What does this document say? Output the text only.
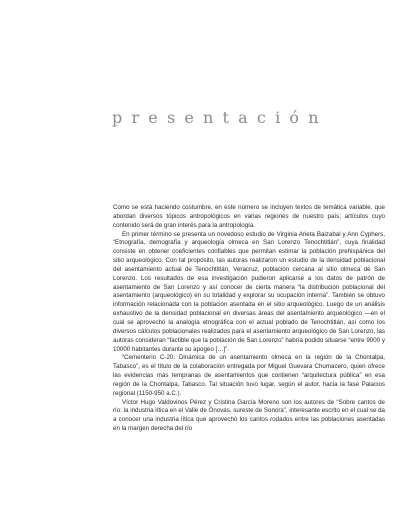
presentación

Como se está haciendo costumbre, en este número se incluyen textos de temática variable, que abordan diversos tópicos antropológicos en varias regiones de nuestro país; artículos cuyo contenido será de gran interés para la antropología.

En primer término se presenta un novedoso estudio de Virginia Arieta Baizabal y Ann Cyphers, “Etnografía, demografía y arqueología olmeca en San Lorenzo Tenochtitlán”, cuya finalidad consiste en obtener coeficientes confiables que permitan estimar la población prehispánica del sitio arqueológico. Con tal propósito, las autoras realizaron un estudio de la densidad poblacional del asentamiento actual de Tenochtitlán, Veracruz, población cercana al sitio olmeca de San Lorenzo. Los resultados de esa investigación pudieron aplicarse a los datos de patrón de asentamiento de San Lorenzo y así conocer de cierta manera “la distribución poblacional del asentamiento (arqueológico) en su totalidad y explorar su ocupación interna”. También se obtuvo información relacionada con la población asentada en el sitio arqueológico. Luego de un análisis exhaustivo de la densidad poblacional en diversas áreas del asentamiento arqueológico —en el cual se aprovechó la analogía etnográfica con el actual poblado de Tenochtitlán, así como los diversos cálculos poblacionales realizados para el asentamiento arqueológico de San Lorenzo, las autoras consideran “factible que la población de San Lorenzo” habría podido situarse “entre 9000 y 10000 habitantes durante su apogeo […]”.

“Cementerio C-20. Dinámica de un asentamiento olmeca en la región de la Chontalpa, Tabasco”, es el título de la colaboración entregada por Miguel Guevara Chumacero, quien ofrece las evidencias más tempranas de asentamientos que contienen “arquitectura pública” en esa región de la Chontalpa, Tabasco. Tal situación tuvo lugar, según el autor, hacia la fase Palacios regional (1150-950 a.C.).

Víctor Hugo Valdovinos Pérez y Cristina García Moreno son los autores de “Sobre cantos de río: la industria lítica en el Valle de Ónovas, sureste de Sonora”, interesante escrito en el cual se da a conocer una industria lítica que aprovechó los cantos rodados entre las poblaciones asentadas en la margen derecha del río
